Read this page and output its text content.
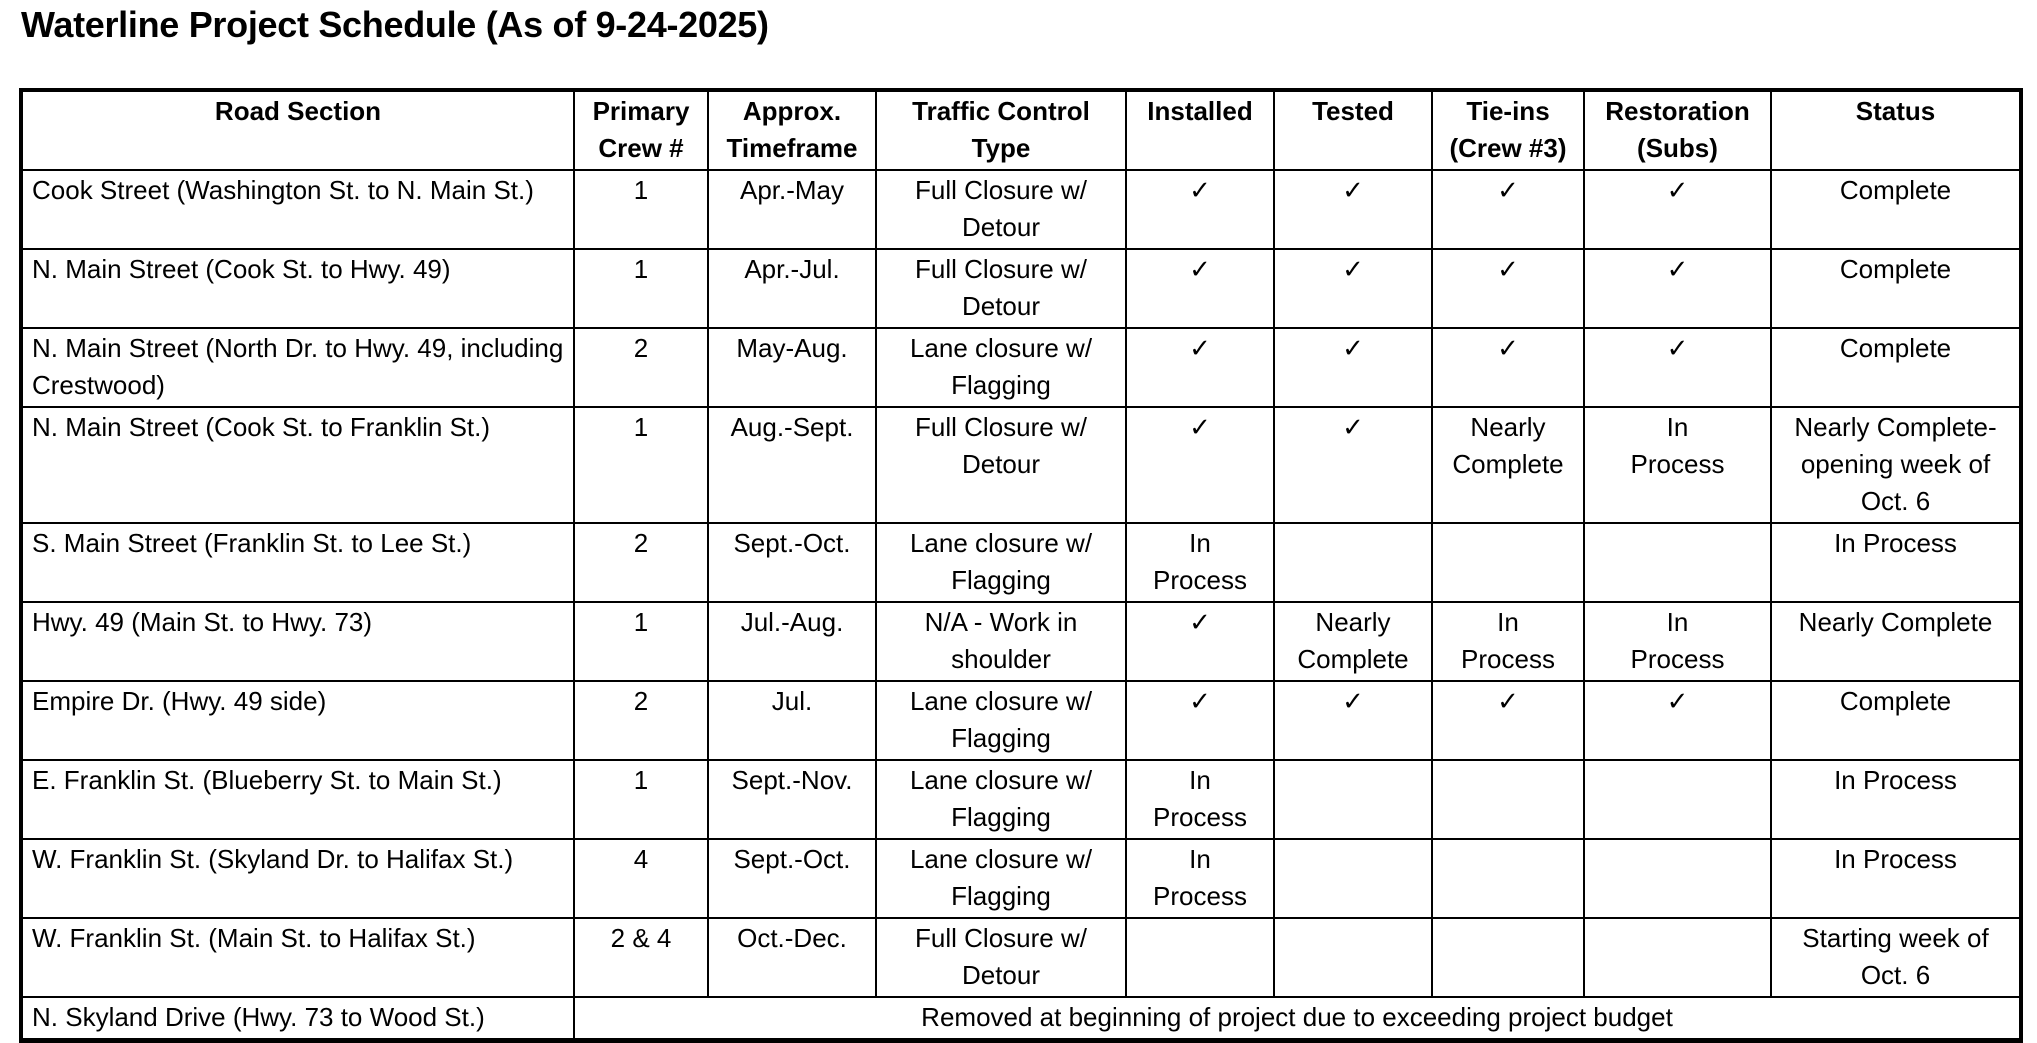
Waterline Project Schedule (As of 9-24-2025)
Road Section	Primary Crew #	Approx. Timeframe	Traffic Control Type	Installed	Tested	Tie-ins (Crew #3)	Restoration (Subs)	Status
Cook Street (Washington St. to N. Main St.)	1	Apr.-May	Full Closure w/ Detour	✓	✓	✓	✓	Complete
N. Main Street (Cook St. to Hwy. 49)	1	Apr.-Jul.	Full Closure w/ Detour	✓	✓	✓	✓	Complete
N. Main Street (North Dr. to Hwy. 49, including Crestwood)	2	May-Aug.	Lane closure w/ Flagging	✓	✓	✓	✓	Complete
N. Main Street (Cook St. to Franklin St.)	1	Aug.-Sept.	Full Closure w/ Detour	✓	✓	Nearly Complete	In Process	Nearly Complete- opening week of Oct. 6
S. Main Street (Franklin St. to Lee St.)	2	Sept.-Oct.	Lane closure w/ Flagging	In Process				In Process
Hwy. 49 (Main St. to Hwy. 73)	1	Jul.-Aug.	N/A - Work in shoulder	✓	Nearly Complete	In Process	In Process	Nearly Complete
Empire Dr. (Hwy. 49 side)	2	Jul.	Lane closure w/ Flagging	✓	✓	✓	✓	Complete
E. Franklin St. (Blueberry St. to Main St.)	1	Sept.-Nov.	Lane closure w/ Flagging	In Process				In Process
W. Franklin St. (Skyland Dr. to Halifax St.)	4	Sept.-Oct.	Lane closure w/ Flagging	In Process				In Process
W. Franklin St. (Main St. to Halifax St.)	2 & 4	Oct.-Dec.	Full Closure w/ Detour					Starting week of Oct. 6
N. Skyland Drive (Hwy. 73 to Wood St.)	Removed at beginning of project due to exceeding project budget							
